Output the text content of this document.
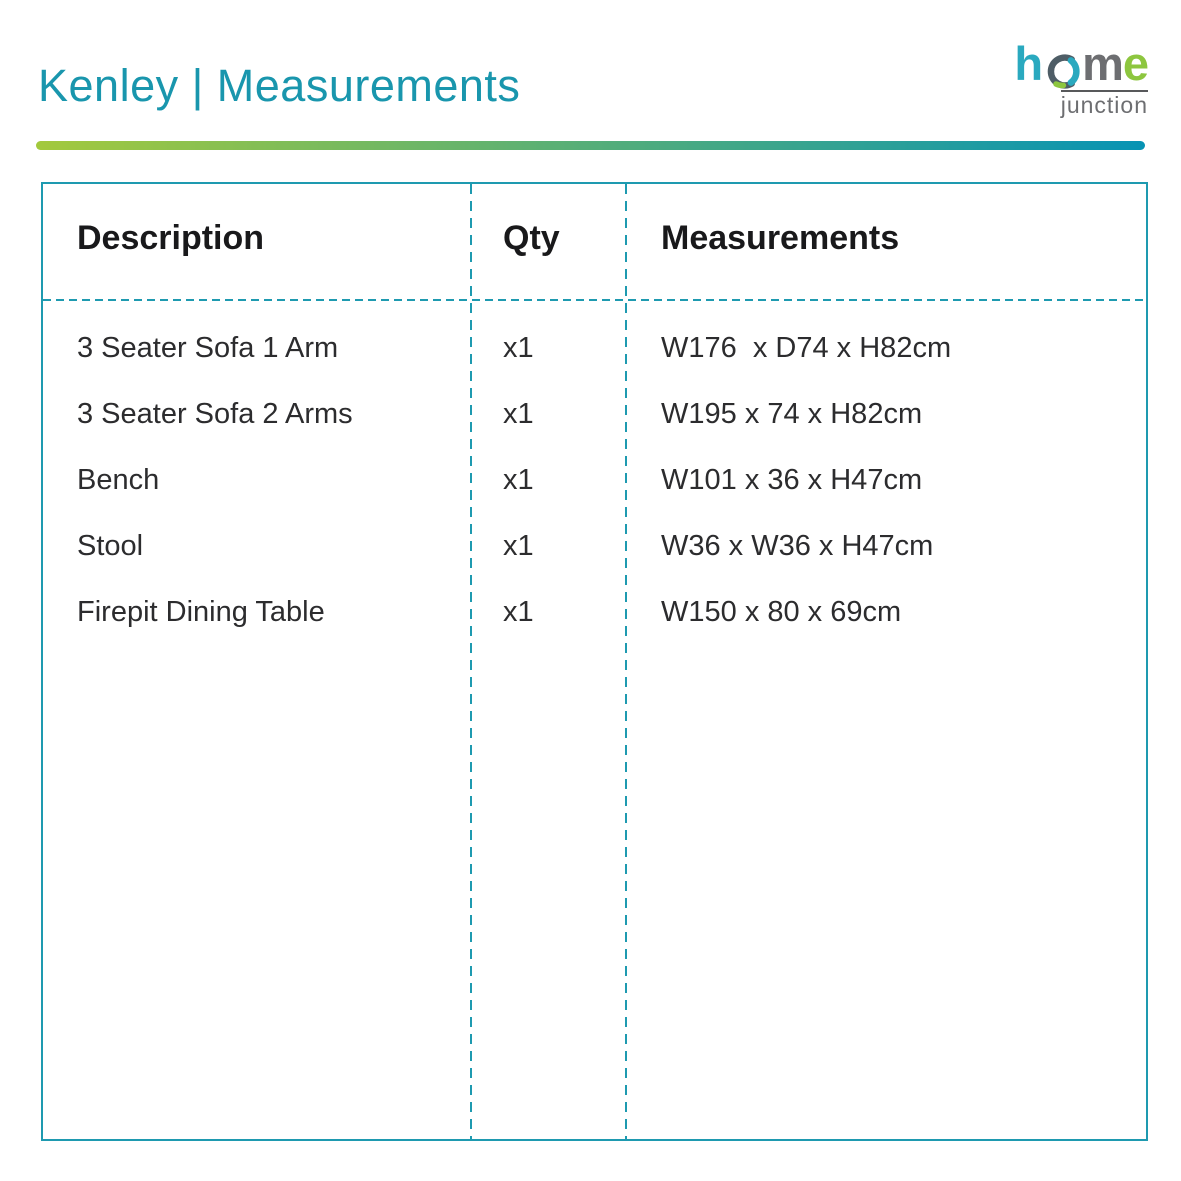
Kenley | Measurements	h m e
junction
Description	Qty	Measurements
3 Seater Sofa 1 Arm	x1	W176  x D74 x H82cm
3 Seater Sofa 2 Arms	x1	W195 x 74 x H82cm
Bench	x1	W101 x 36 x H47cm
Stool	x1	W36 x W36 x H47cm
Firepit Dining Table	x1	W150 x 80 x 69cm
